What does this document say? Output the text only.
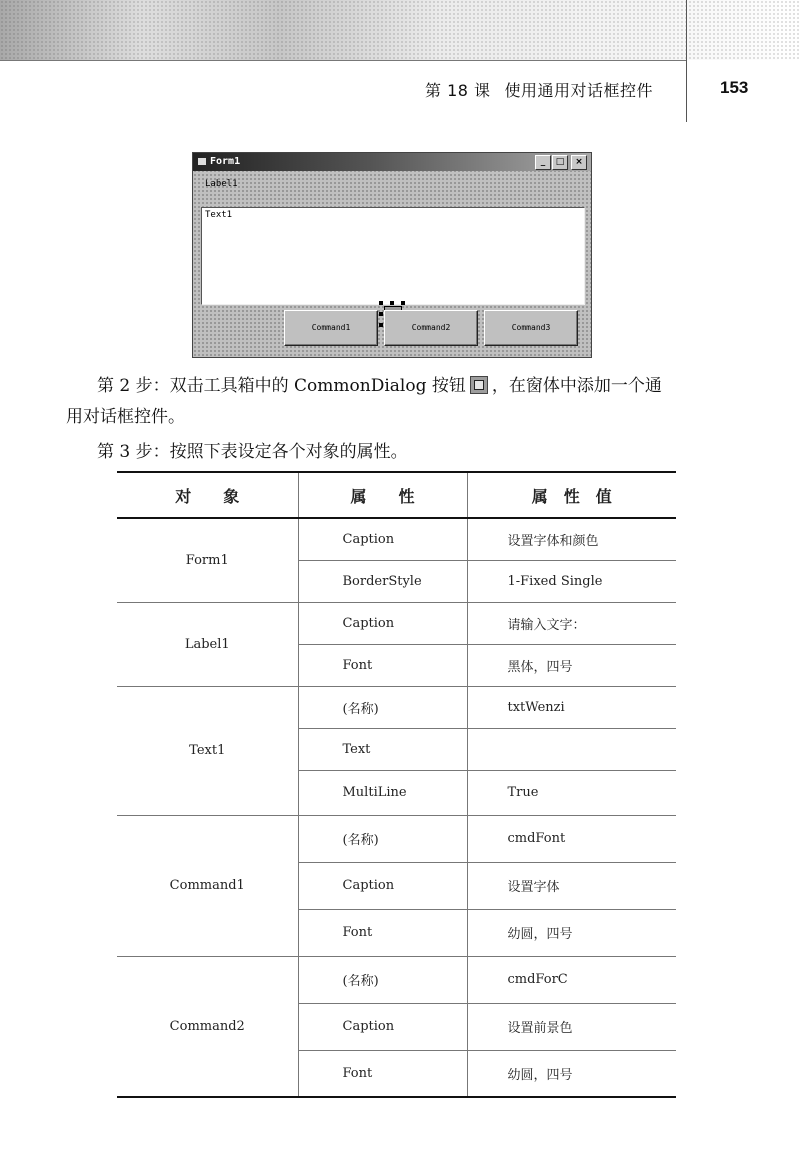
第 18 课 使用通用对话框控件	153
Form1	_	□	×
Label1
Text1
Command1	Command2	Command3
第 2 步：双击工具箱中的 CommonDialog 按钮 ，在窗体中添加一个通
用对话框控件。
第 3 步：按照下表设定各个对象的属性。
对　　象	属　　性	属　性　值
Form1	Caption	设置字体和颜色
	BorderStyle	1-Fixed Single
Label1	Caption	请输入文字：
	Font	黑体，四号
Text1	(名称)	txtWenzi
	Text	
	MultiLine	True
Command1	(名称)	cmdFont
	Caption	设置字体
	Font	幼圆，四号
Command2	(名称)	cmdForC
	Caption	设置前景色
	Font	幼圆，四号
